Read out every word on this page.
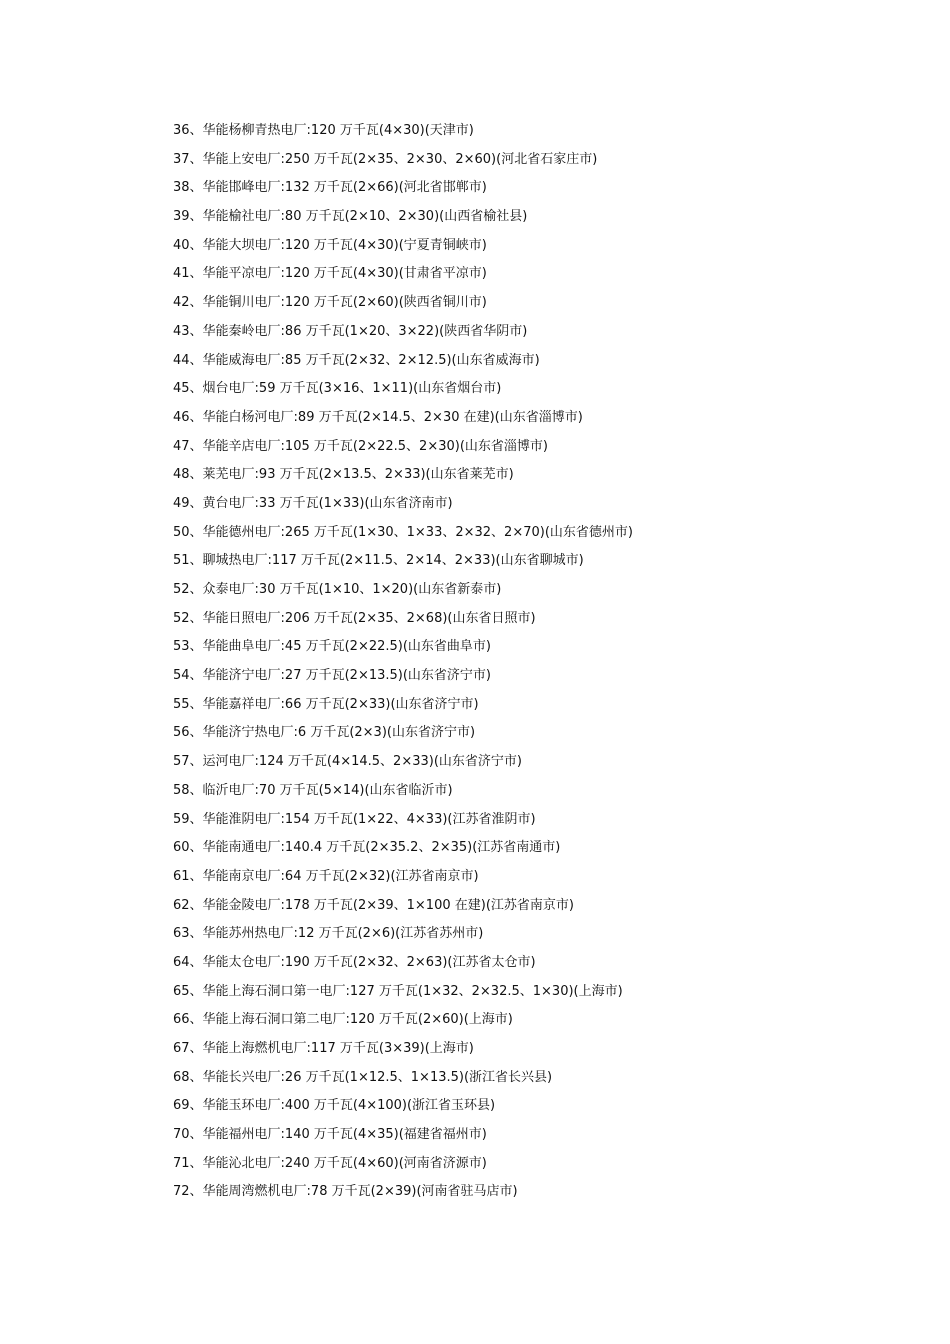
36、华能杨柳青热电厂:120 万千瓦(4×30)(天津市)
37、华能上安电厂:250 万千瓦(2×35、2×30、2×60)(河北省石家庄市)
38、华能邯峰电厂:132 万千瓦(2×66)(河北省邯郸市)
39、华能榆社电厂:80 万千瓦(2×10、2×30)(山西省榆社县)
40、华能大坝电厂:120 万千瓦(4×30)(宁夏青铜峡市)
41、华能平凉电厂:120 万千瓦(4×30)(甘肃省平凉市)
42、华能铜川电厂:120 万千瓦(2×60)(陕西省铜川市)
43、华能秦岭电厂:86 万千瓦(1×20、3×22)(陕西省华阴市)
44、华能威海电厂:85 万千瓦(2×32、2×12.5)(山东省威海市)
45、烟台电厂:59 万千瓦(3×16、1×11)(山东省烟台市)
46、华能白杨河电厂:89 万千瓦(2×14.5、2×30 在建)(山东省淄博市)
47、华能辛店电厂:105 万千瓦(2×22.5、2×30)(山东省淄博市)
48、莱芜电厂:93 万千瓦(2×13.5、2×33)(山东省莱芜市)
49、黄台电厂:33 万千瓦(1×33)(山东省济南市)
50、华能德州电厂:265 万千瓦(1×30、1×33、2×32、2×70)(山东省德州市)
51、聊城热电厂:117 万千瓦(2×11.5、2×14、2×33)(山东省聊城市)
52、众泰电厂:30 万千瓦(1×10、1×20)(山东省新泰市)
52、华能日照电厂:206 万千瓦(2×35、2×68)(山东省日照市)
53、华能曲阜电厂:45 万千瓦(2×22.5)(山东省曲阜市)
54、华能济宁电厂:27 万千瓦(2×13.5)(山东省济宁市)
55、华能嘉祥电厂:66 万千瓦(2×33)(山东省济宁市)
56、华能济宁热电厂:6 万千瓦(2×3)(山东省济宁市)
57、运河电厂:124 万千瓦(4×14.5、2×33)(山东省济宁市)
58、临沂电厂:70 万千瓦(5×14)(山东省临沂市)
59、华能淮阴电厂:154 万千瓦(1×22、4×33)(江苏省淮阴市)
60、华能南通电厂:140.4 万千瓦(2×35.2、2×35)(江苏省南通市)
61、华能南京电厂:64 万千瓦(2×32)(江苏省南京市)
62、华能金陵电厂:178 万千瓦(2×39、1×100 在建)(江苏省南京市)
63、华能苏州热电厂:12 万千瓦(2×6)(江苏省苏州市)
64、华能太仓电厂:190 万千瓦(2×32、2×63)(江苏省太仓市)
65、华能上海石洞口第一电厂:127 万千瓦(1×32、2×32.5、1×30)(上海市)
66、华能上海石洞口第二电厂:120 万千瓦(2×60)(上海市)
67、华能上海燃机电厂:117 万千瓦(3×39)(上海市)
68、华能长兴电厂:26 万千瓦(1×12.5、1×13.5)(浙江省长兴县)
69、华能玉环电厂:400 万千瓦(4×100)(浙江省玉环县)
70、华能福州电厂:140 万千瓦(4×35)(福建省福州市)
71、华能沁北电厂:240 万千瓦(4×60)(河南省济源市)
72、华能周湾燃机电厂:78 万千瓦(2×39)(河南省驻马店市)
